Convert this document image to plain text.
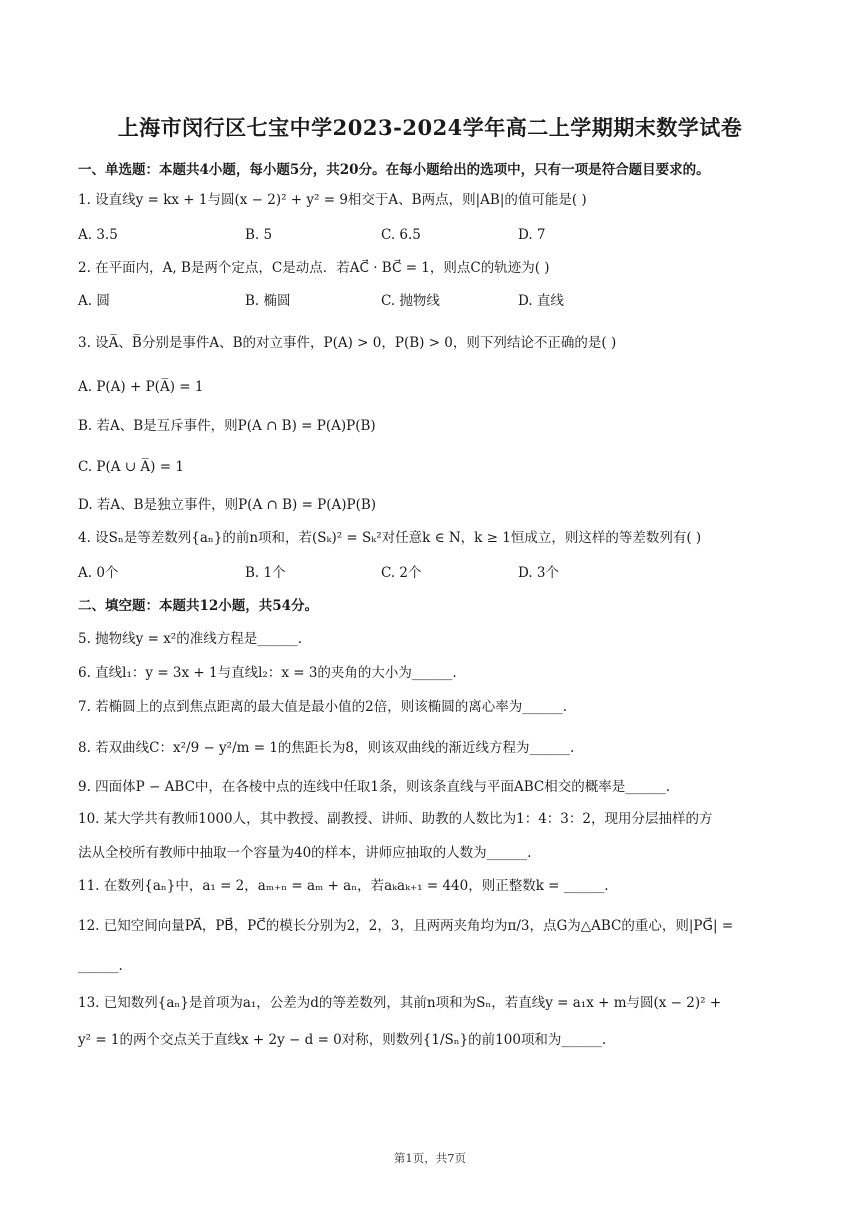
上海市闵行区七宝中学2023-2024学年高二上学期期末数学试卷
一、单选题：本题共4小题，每小题5分，共20分。在每小题给出的选项中，只有一项是符合题目要求的。
1. 设直线y = kx + 1与圆(x − 2)² + y² = 9相交于A、B两点，则|AB|的值可能是( )
A. 3.5	B. 5	C. 6.5	D. 7
2. 在平面内，A, B是两个定点，C是动点．若AC⃗ · BC⃗ = 1，则点C的轨迹为( )
A. 圆	B. 椭圆	C. 抛物线	D. 直线
3. 设A̅、B̅分别是事件A、B的对立事件，P(A) > 0，P(B) > 0，则下列结论不正确的是( )
A. P(A) + P(A̅) = 1
B. 若A、B是互斥事件，则P(A ∩ B) = P(A)P(B)
C. P(A ∪ A̅) = 1
D. 若A、B是独立事件，则P(A ∩ B) = P(A)P(B)
4. 设Sₙ是等差数列{aₙ}的前n项和，若(Sₖ)² = Sₖ²对任意k ∈ N，k ≥ 1恒成立，则这样的等差数列有( )
A. 0个	B. 1个	C. 2个	D. 3个
二、填空题：本题共12小题，共54分。
5. 抛物线y = x²的准线方程是______.
6. 直线l₁：y = 3x + 1与直线l₂：x = 3的夹角的大小为______.
7. 若椭圆上的点到焦点距离的最大值是最小值的2倍，则该椭圆的离心率为______.
8. 若双曲线C：x²/9 − y²/m = 1的焦距长为8，则该双曲线的渐近线方程为______.
9. 四面体P − ABC中，在各棱中点的连线中任取1条，则该条直线与平面ABC相交的概率是______.
10. 某大学共有教师1000人，其中教授、副教授、讲师、助教的人数比为1：4：3：2，现用分层抽样的方
法从全校所有教师中抽取一个容量为40的样本，讲师应抽取的人数为______.
11. 在数列{aₙ}中，a₁ = 2，aₘ₊ₙ = aₘ + aₙ，若aₖaₖ₊₁ = 440，则正整数k = ______.
12. 已知空间向量PA⃗，PB⃗，PC⃗的模长分别为2，2，3，且两两夹角均为π/3，点G为△ABC的重心，则|PG⃗| =
______.
13. 已知数列{aₙ}是首项为a₁，公差为d的等差数列，其前n项和为Sₙ，若直线y = a₁x + m与圆(x − 2)² +
y² = 1的两个交点关于直线x + 2y − d = 0对称，则数列{1/Sₙ}的前100项和为______.
第1页，共7页
